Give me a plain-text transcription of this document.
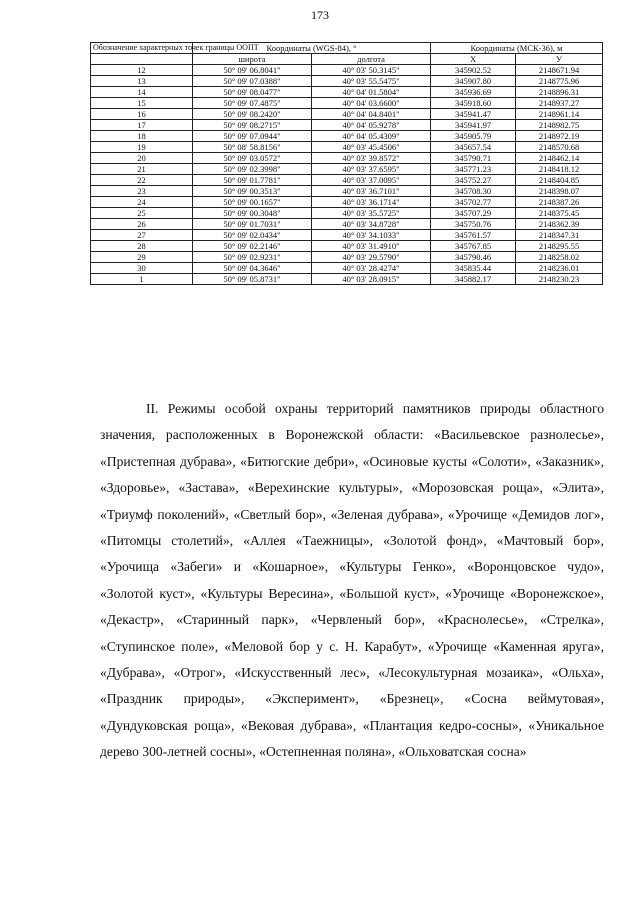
173
Обозначение характерных точек границы ООПТ	Координаты (WGS-84), °		Координаты (МСК-36), м	
	широта	долгота	X	У
12	50° 09' 06.8041"	40° 03' 50.3145"	345902.52	2148671.94
13	50° 09' 07.0388"	40° 03' 55.5475"	345907.80	2148775.96
14	50° 09' 08.0477"	40° 04' 01.5804"	345936.69	2148896.31
15	50° 09' 07.4875"	40° 04' 03.6600"	345918.60	2148937.27
16	50° 09' 08.2420"	40° 04' 04.8401"	345941.47	2148961.14
17	50° 09' 08.2715"	40° 04' 05.9278"	345941.97	2148982.75
18	50° 09' 07.0944"	40° 04' 05.4309"	345905.79	2148972.19
19	50° 08' 58.8156"	40° 03' 45.4506"	345657.54	2148570.68
20	50° 09' 03.0572"	40° 03' 39.8572"	345790.71	2148462.14
21	50° 09' 02.3998"	40° 03' 37.6595"	345771.23	2148418.12
22	50° 09' 01.7781"	40° 03' 37.0095"	345752.27	2148404.85
23	50° 09' 00.3513"	40° 03' 36.7101"	345708.30	2148398.07
24	50° 09' 00.1657"	40° 03' 36.1714"	345702.77	2148387.26
25	50° 09' 00.3048"	40° 03' 35.5725"	345707.29	2148375.45
26	50° 09' 01.7031"	40° 03' 34.8728"	345750.76	2148362.39
27	50° 09' 02.0434"	40° 03' 34.1033"	345761.57	2148347.31
28	50° 09' 02.2146"	40° 03' 31.4910"	345767.85	2148295.55
29	50° 09' 02.9231"	40° 03' 29.5790"	345790.46	2148258.02
30	50° 09' 04.3646"	40° 03' 28.4274"	345835.44	2148236.01
1	50° 09' 05.8731"	40° 03' 28.0915"	345882.17	2148230.23

II. Режимы особой охраны территорий памятников природы областного значения, расположенных в Воронежской области: «Васильевское разнолесье», «Пристепная дубрава», «Битюгские дебри», «Осиновые кусты «Солоти», «Заказник», «Здоровье», «Застава», «Верехинские культуры», «Морозовская роща», «Элита», «Триумф поколений», «Светлый бор», «Зеленая дубрава», «Урочище «Демидов лог», «Питомцы столетий», «Аллея «Таежницы», «Золотой фонд», «Мачтовый бор», «Урочища «Забеги» и «Кошарное», «Культуры Генко», «Воронцовское чудо», «Золотой куст», «Культуры Вересина», «Большой куст», «Урочище «Воронежское», «Декастр», «Старинный парк», «Червленый бор», «Краснолесье», «Стрелка», «Ступинское поле», «Меловой бор у с. Н. Карабут», «Урочище «Каменная яруга», «Дубрава», «Отрог», «Искусственный лес», «Лесокультурная мозаика», «Ольха», «Праздник природы», «Эксперимент», «Брезнец», «Сосна веймутовая», «Дундуковская роща», «Вековая дубрава», «Плантация кедро-сосны», «Уникальное дерево 300-летней сосны», «Остепненная поляна», «Ольховатская сосна»
